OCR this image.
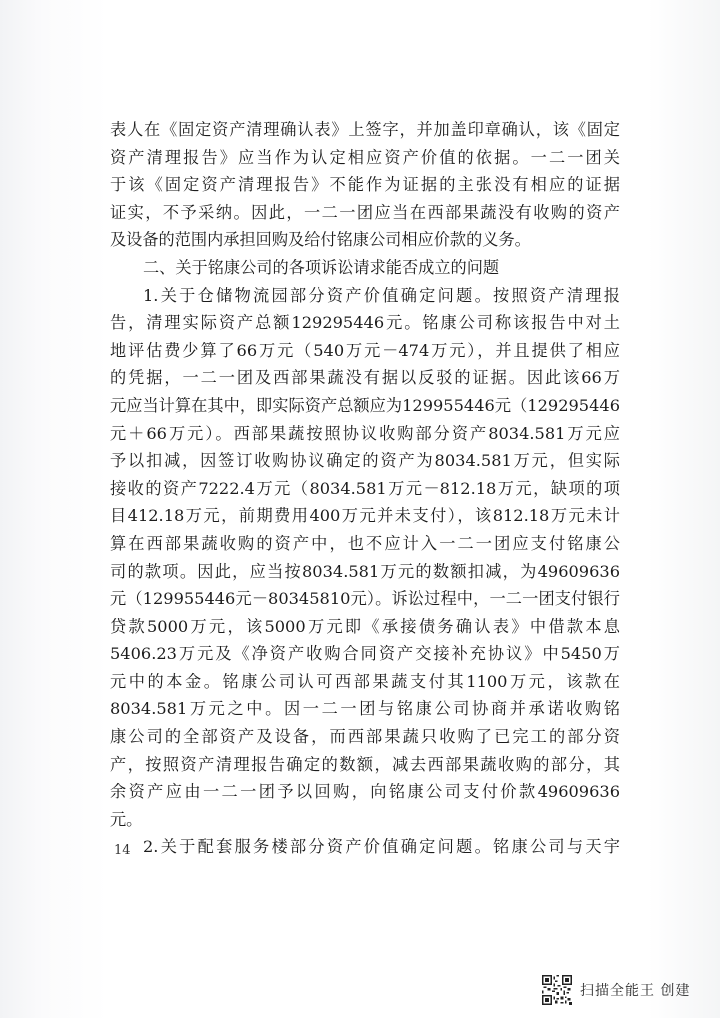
表人在《固定资产清理确认表》上签字，并加盖印章确认，该《固定
资产清理报告》应当作为认定相应资产价值的依据。一二一团关
于该《固定资产清理报告》不能作为证据的主张没有相应的证据
证实，不予采纳。因此，一二一团应当在西部果蔬没有收购的资产
及设备的范围内承担回购及给付铭康公司相应价款的义务。
二、关于铭康公司的各项诉讼请求能否成立的问题
1.关于仓储物流园部分资产价值确定问题。按照资产清理报
告，清理实际资产总额129295446元。铭康公司称该报告中对土
地评估费少算了66万元（540万元－474万元），并且提供了相应
的凭据，一二一团及西部果蔬没有据以反驳的证据。因此该66万
元应当计算在其中，即实际资产总额应为129955446元（129295446
元＋66万元）。西部果蔬按照协议收购部分资产8034.581万元应
予以扣减，因签订收购协议确定的资产为8034.581万元，但实际
接收的资产7222.4万元（8034.581万元－812.18万元，缺项的项
目412.18万元，前期费用400万元并未支付），该812.18万元未计
算在西部果蔬收购的资产中，也不应计入一二一团应支付铭康公
司的款项。因此，应当按8034.581万元的数额扣减，为49609636
元（129955446元－80345810元）。诉讼过程中，一二一团支付银行
贷款5000万元，该5000万元即《承接债务确认表》中借款本息
5406.23万元及《净资产收购合同资产交接补充协议》中5450万
元中的本金。铭康公司认可西部果蔬支付其1100万元，该款在
8034.581万元之中。因一二一团与铭康公司协商并承诺收购铭
康公司的全部资产及设备，而西部果蔬只收购了已完工的部分资
产，按照资产清理报告确定的数额，减去西部果蔬收购的部分，其
余资产应由一二一团予以回购，向铭康公司支付价款49609636
元。
2.关于配套服务楼部分资产价值确定问题。铭康公司与天宇
14
扫描全能王 创建
